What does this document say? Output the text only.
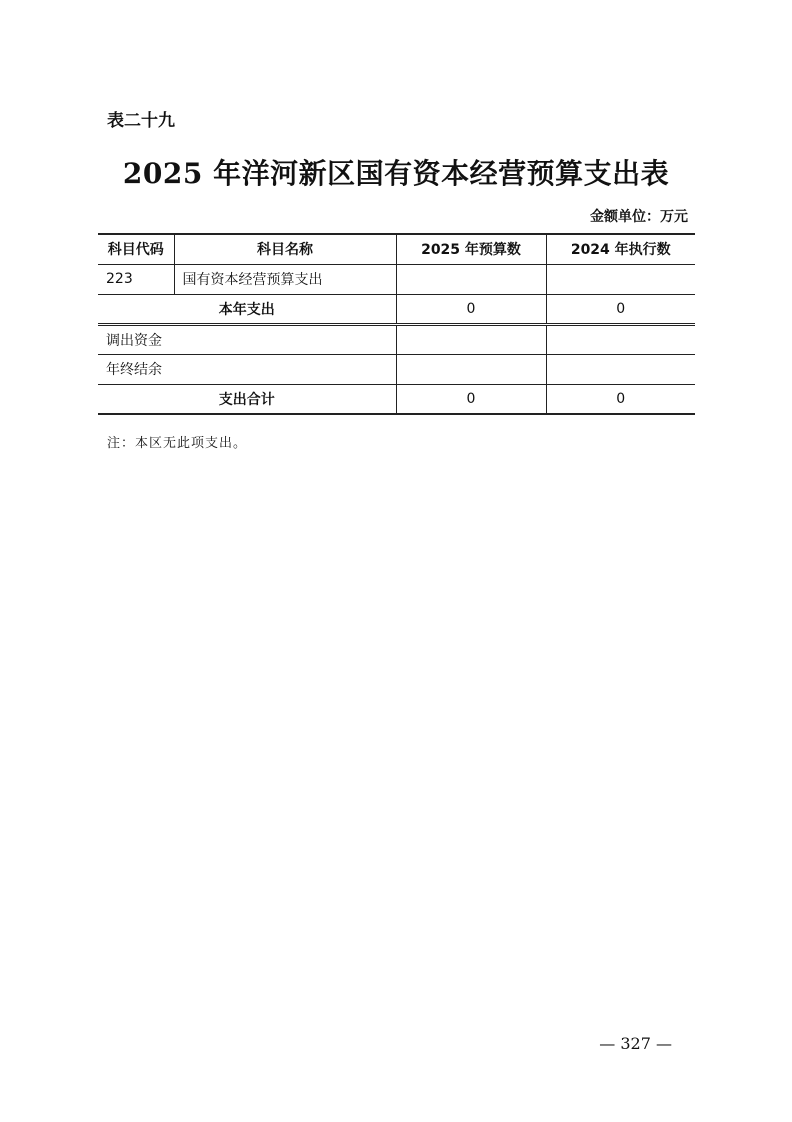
表二十九
2025 年洋河新区国有资本经营预算支出表
金额单位：万元
科目代码	科目名称	2025 年预算数	2024 年执行数
223	国有资本经营预算支出		
本年支出		0	0
调出资金			
年终结余			
支出合计		0	0
注：本区无此项支出。
— 327 —
